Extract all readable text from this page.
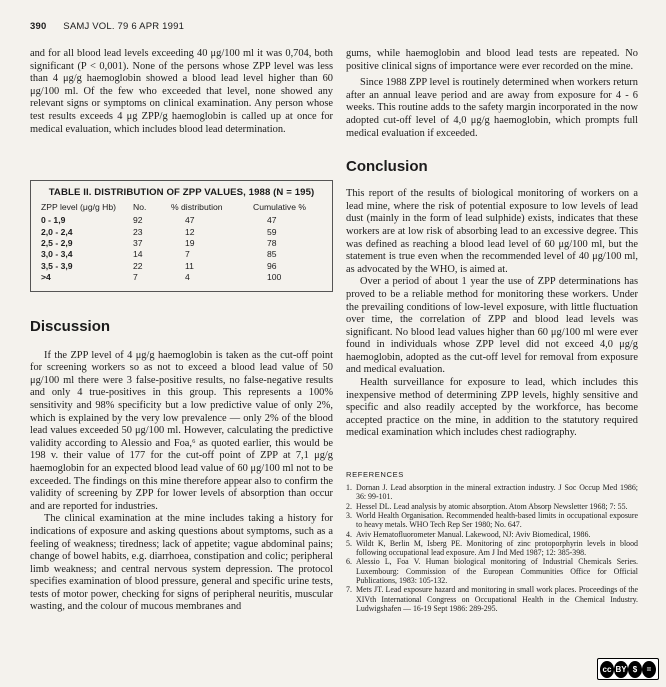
390 SAMJ VOL. 79 6 APR 1991

and for all blood lead levels exceeding 40 μg/100 ml it was 0,704, both significant (P < 0,001). None of the persons whose ZPP level was less than 4 μg/g haemoglobin showed a blood lead level higher than 60 μg/100 ml. Of the few who exceeded that level, none showed any relevant signs or symptoms on clinical examination. Any person whose test results exceeds 4 μg ZPP/g haemoglobin is called up at once for medical evaluation, which includes blood lead determination.

TABLE II. DISTRIBUTION OF ZPP VALUES, 1988 (N = 195)
ZPP level (μg/g Hb)	No.	% distribution	Cumulative %
0 - 1,9	92	47	47
2,0 - 2,4	23	12	59
2,5 - 2,9	37	19	78
3,0 - 3,4	14	7	85
3,5 - 3,9	22	11	96
>4	7	4	100
Discussion

If the ZPP level of 4 μg/g haemoglobin is taken as the cut-off point for screening workers so as not to exceed a blood lead value of 50 μg/100 ml there were 3 false-positive results, no false-negative results and only 4 true-positives in this group. This represents a 100% sensitivity and 98% specificity but a low predictive value of only 2%, which is explained by the very low prevalence — only 2% of the blood lead values exceeded 50 μg/100 ml. However, calculating the predictive validity according to Alessio and Foa,⁶ as quoted earlier, this would be 198 v. their value of 177 for the cut-off point of ZPP at 7,1 μg/g haemoglobin for an expected blood lead value of 60 μg/100 ml not to be exceeded. The findings on this mine therefore appear also to confirm the validity of screening by ZPP for lower levels of absorption than occur and are reported for industries.

The clinical examination at the mine includes taking a history for indications of exposure and asking questions about symptoms, such as a feeling of weakness; tiredness; lack of appetite; vague abdominal pains; change of bowel habits, e.g. diarrhoea, constipation and colic; peripheral limb weakness; and central nervous system depression. The protocol specifies examination of blood pressure, general and specific urine tests, tests of motor power, checking for signs of peripheral neuritis, muscular wasting, and the colour of mucous membranes and

gums, while haemoglobin and blood lead tests are repeated. No positive clinical signs of importance were ever recorded on the mine.

Since 1988 ZPP level is routinely determined when workers return after an annual leave period and are away from exposure for 4 - 6 weeks. This routine adds to the safety margin incorporated in the now adopted cut-off level of 4,0 μg/g haemoglobin, which prompts full medical evaluation if exceeded.

Conclusion

This report of the results of biological monitoring of workers on a lead mine, where the risk of potential exposure to low levels of lead dust (mainly in the form of lead sulphide) exists, indicates that these workers are at low risk of absorbing lead to an excessive degree. This was defined as reaching a blood lead level of 60 μg/100 ml, but the statement is true even when the recommended level of 40 μg/100 ml, as advocated by the WHO, is aimed at.

Over a period of about 1 year the use of ZPP determinations has proved to be a reliable method for monitoring these workers. Under the prevailing conditions of low-level exposure, with little fluctuation over time, the correlation of ZPP and blood lead levels was significant. No blood lead values higher than 60 μg/100 ml were ever found in individuals whose ZPP level did not exceed 4,0 μg/g haemoglobin, adopted as the cut-off level for removal from exposure and medical evaluation.

Health surveillance for exposure to lead, which includes this inexpensive method of determining ZPP levels, highly sensitive and specific and also readily accepted by the workforce, has become accepted practice on the mine, in addition to the statutory required medical examination which includes chest radiography.

REFERENCES
1. Dornan J. Lead absorption in the mineral extraction industry. J Soc Occup Med 1986; 36: 99-101.
2. Hessel DL. Lead analysis by atomic absorption. Atom Absorp Newsletter 1968; 7: 55.
3. World Health Organisation. Recommended health-based limits in occupational exposure to heavy metals. WHO Tech Rep Ser 1980; No. 647.
4. Aviv Hematofluorometer Manual. Lakewood, NJ: Aviv Biomedical, 1986.
5. Wildt K, Berlin M, Isberg PE. Monitoring of zinc protoporphyrin levels in blood following occupational lead exposure. Am J Ind Med 1987; 12: 385-398.
6. Alessio L, Foa V. Human biological monitoring of Industrial Chemicals Series. Luxembourg: Commission of the European Communities Office for Official Publications, 1983: 105-132.
7. Mets JT. Lead exposure hazard and monitoring in small work places. Proceedings of the XIVth International Congress on Occupational Health in the Chemical Industry. Ludwigshafen — 16-19 Sept 1986: 289-295.
cc BY $	=
